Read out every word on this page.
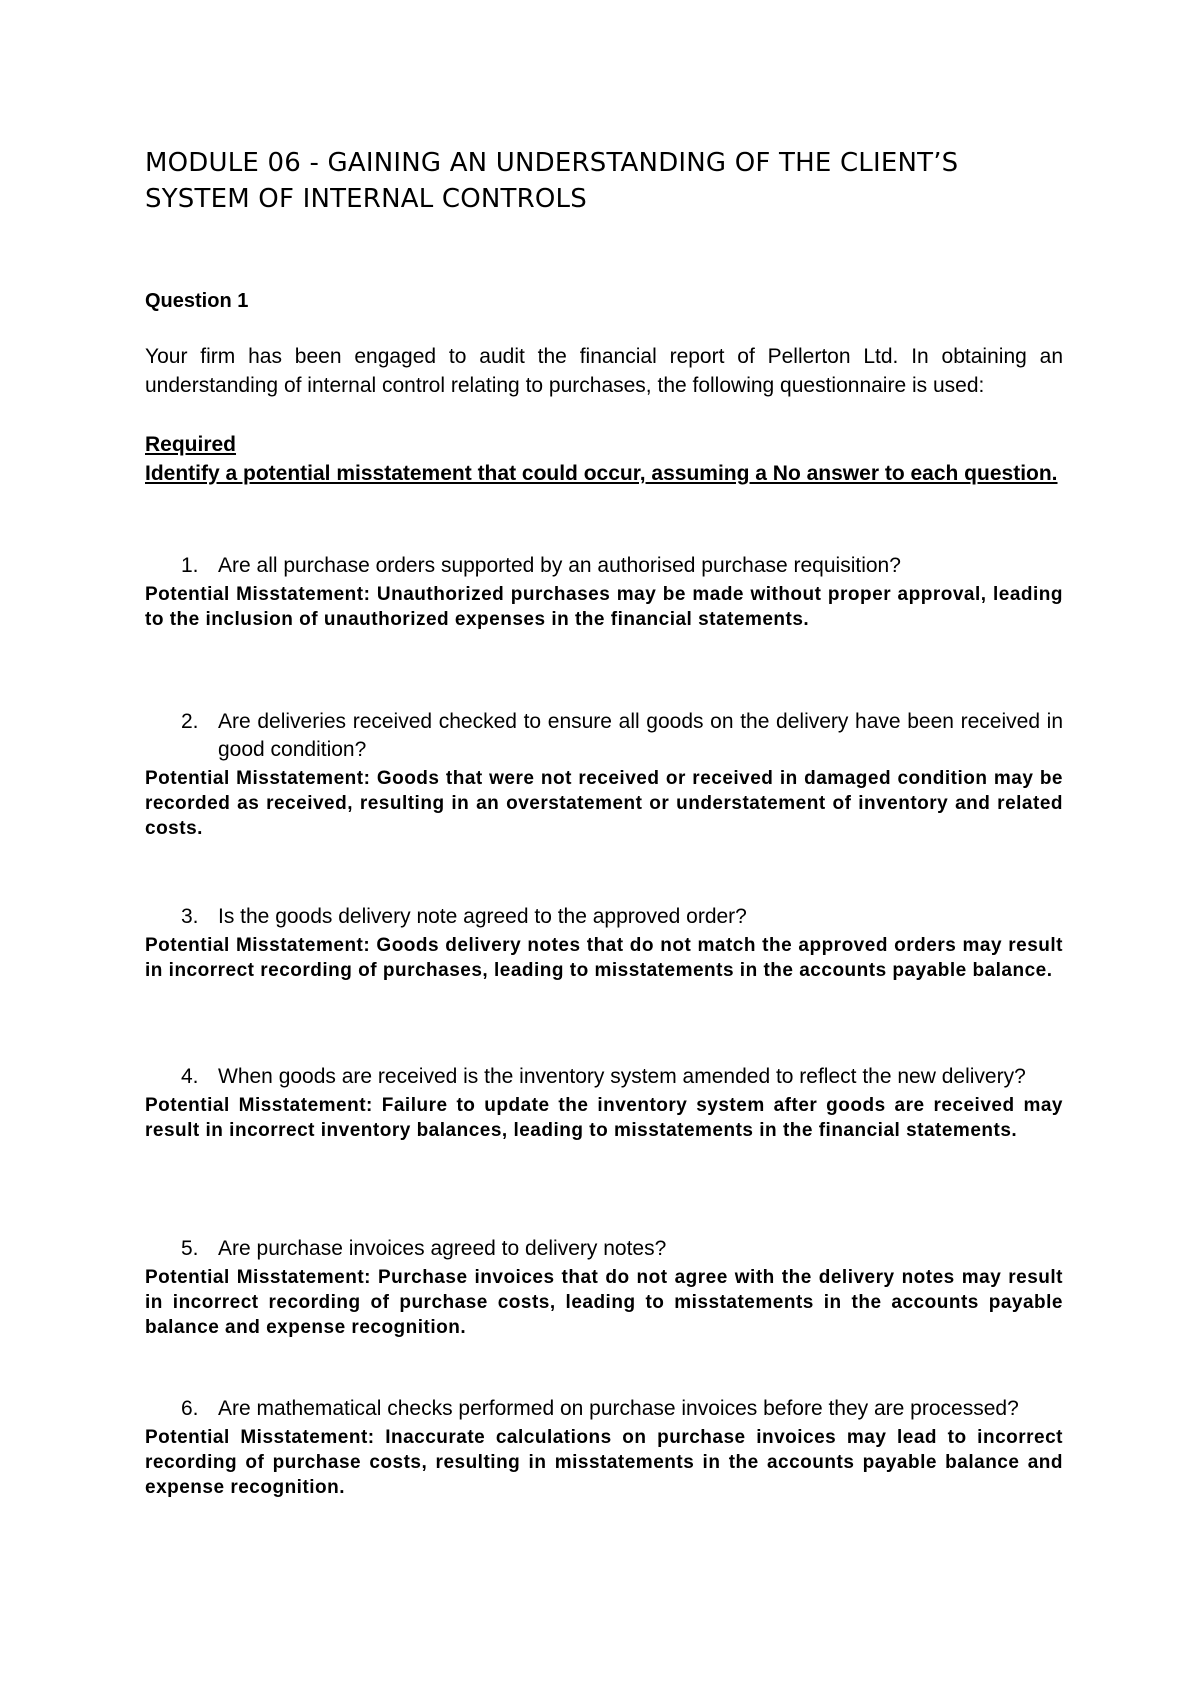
MODULE 06 - GAINING AN UNDERSTANDING OF THE CLIENT’S SYSTEM OF INTERNAL CONTROLS

Question 1

Your firm has been engaged to audit the financial report of Pellerton Ltd. In obtaining an understanding of internal control relating to purchases, the following questionnaire is used:

Required

Identify a potential misstatement that could occur, assuming a No answer to each question.

1. Are all purchase orders supported by an authorised purchase requisition?

Potential Misstatement: Unauthorized purchases may be made without proper approval, leading to the inclusion of unauthorized expenses in the financial statements.

2. Are deliveries received checked to ensure all goods on the delivery have been received in good condition?

Potential Misstatement: Goods that were not received or received in damaged condition may be recorded as received, resulting in an overstatement or understatement of inventory and related costs.

3. Is the goods delivery note agreed to the approved order?

Potential Misstatement: Goods delivery notes that do not match the approved orders may result in incorrect recording of purchases, leading to misstatements in the accounts payable balance.

4. When goods are received is the inventory system amended to reflect the new delivery?

Potential Misstatement: Failure to update the inventory system after goods are received may result in incorrect inventory balances, leading to misstatements in the financial statements.

5. Are purchase invoices agreed to delivery notes?

Potential Misstatement: Purchase invoices that do not agree with the delivery notes may result in incorrect recording of purchase costs, leading to misstatements in the accounts payable balance and expense recognition.

6. Are mathematical checks performed on purchase invoices before they are processed?

Potential Misstatement: Inaccurate calculations on purchase invoices may lead to incorrect recording of purchase costs, resulting in misstatements in the accounts payable balance and expense recognition.
